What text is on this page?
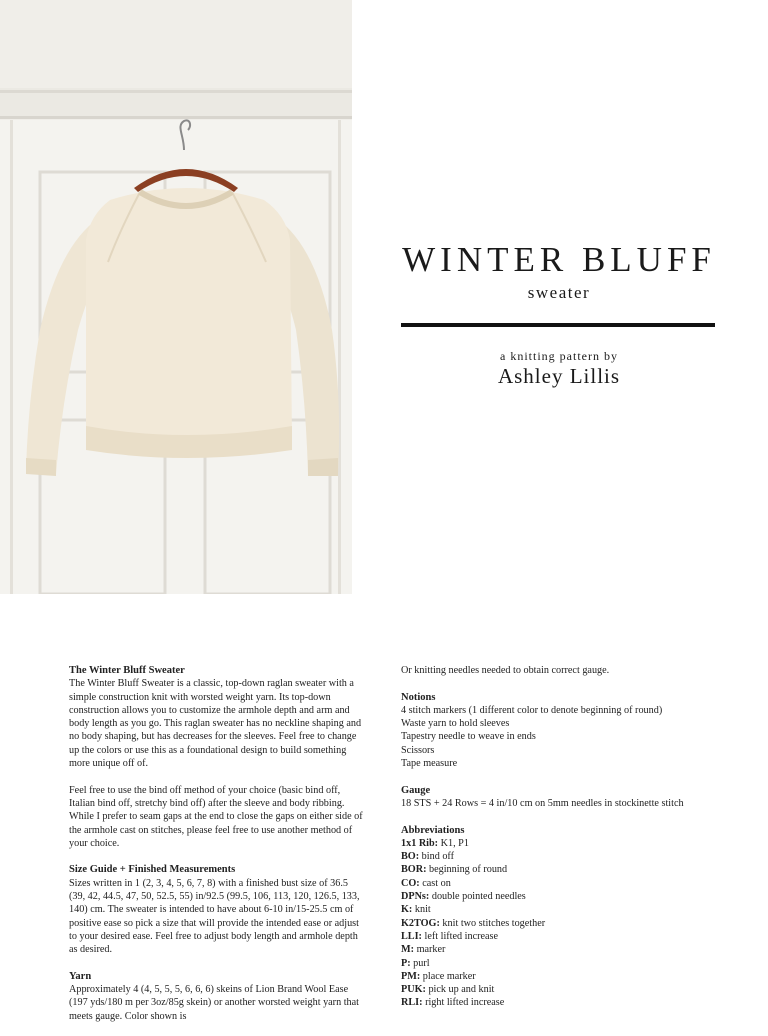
WINTER BLUFF
sweater
a knitting pattern by
Ashley Lillis
The Winter Bluff Sweater

The Winter Bluff Sweater is a classic, top-down raglan sweater with a simple construction knit with worsted weight yarn. Its top-down construction allows you to customize the armhole depth and arm and body length as you go. This raglan sweater has no neckline shaping and no body shaping, but has decreases for the sleeves. Feel free to change up the colors or use this as a foundational design to build something more unique off of.

Feel free to use the bind off method of your choice (basic bind off, Italian bind off, stretchy bind off) after the sleeve and body ribbing. While I prefer to seam gaps at the end to close the gaps on either side of the armhole cast on stitches, please feel free to use another method of your choice.

Size Guide + Finished Measurements

Sizes written in 1 (2, 3, 4, 5, 6, 7, 8) with a finished bust size of 36.5 (39, 42, 44.5, 47, 50, 52.5, 55) in/92.5 (99.5, 106, 113, 120, 126.5, 133, 140) cm. The sweater is intended to have about 6-10 in/15-25.5 cm of positive ease so pick a size that will provide the intended ease or adjust to your desired ease. Feel free to adjust body length and armhole depth as desired.

Yarn

Approximately 4 (4, 5, 5, 5, 6, 6, 6) skeins of Lion Brand Wool Ease (197 yds/180 m per 3oz/85g skein) or another worsted weight yarn that meets gauge. Color shown is

Or knitting needles needed to obtain correct gauge.

Notions

4 stitch markers (1 different color to denote beginning of round)
Waste yarn to hold sleeves
Tapestry needle to weave in ends
Scissors
Tape measure

Gauge

18 STS + 24 Rows = 4 in/10 cm on 5mm needles in stockinette stitch

Abbreviations
1x1 Rib: K1, P1
BO: bind off
BOR: beginning of round
CO: cast on
DPNs: double pointed needles
K: knit
K2TOG: knit two stitches together
LLI: left lifted increase
M: marker
P: purl
PM: place marker
PUK: pick up and knit
RLI: right lifted increase
